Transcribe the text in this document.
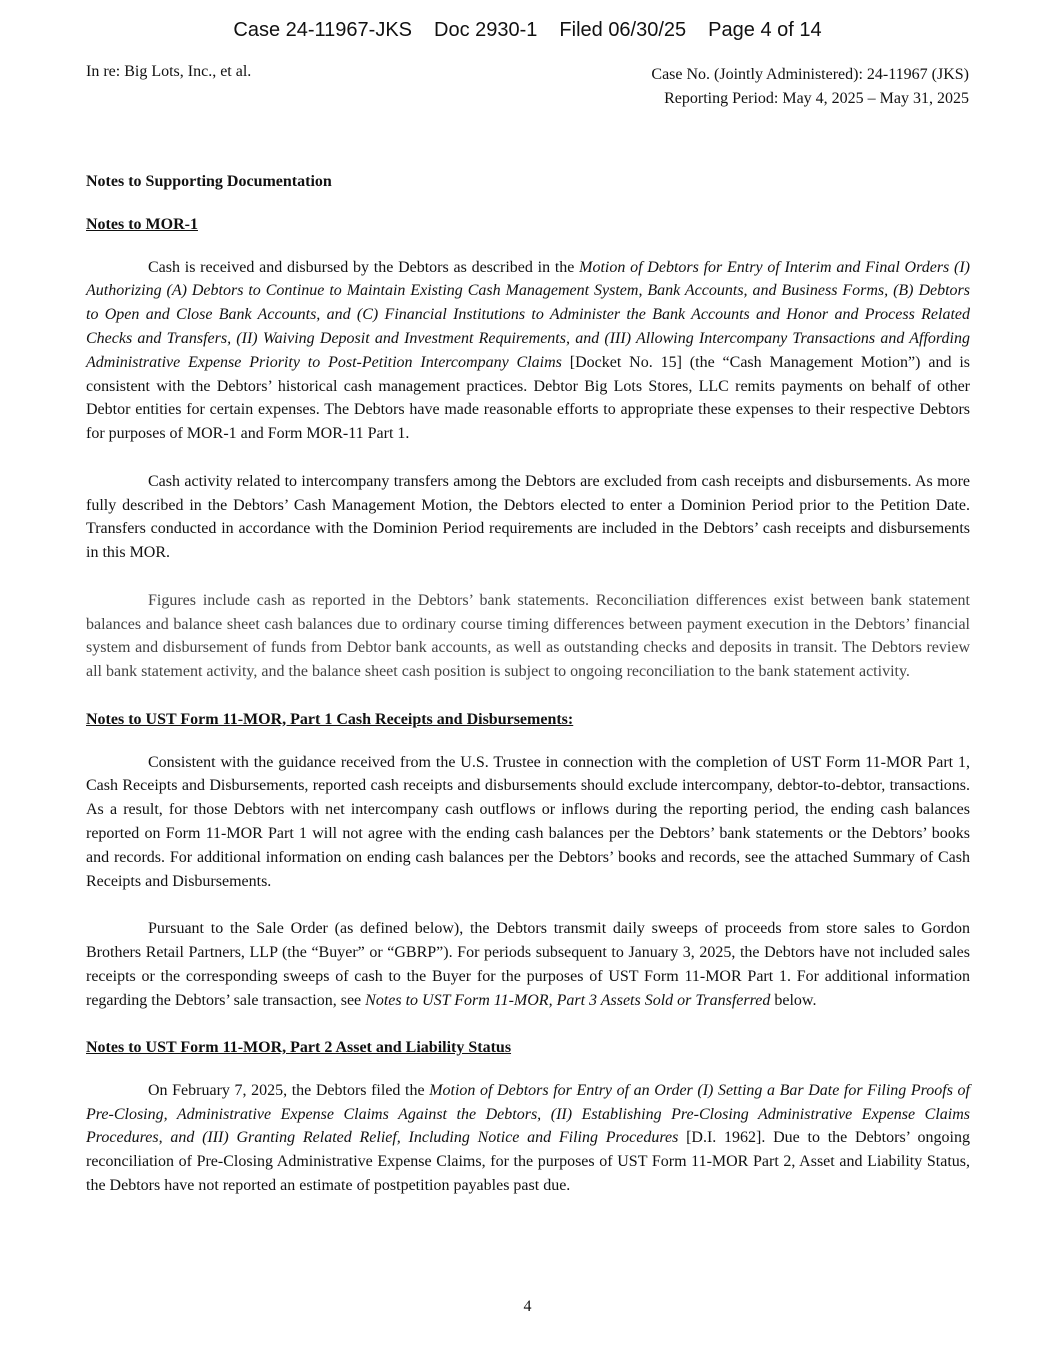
Case 24-11967-JKS Doc 2930-1 Filed 06/30/25 Page 4 of 14
In re: Big Lots, Inc., et al.	Case No. (Jointly Administered): 24-11967 (JKS)
Reporting Period: May 4, 2025 – May 31, 2025
Notes to Supporting Documentation
Notes to MOR-1

Cash is received and disbursed by the Debtors as described in the Motion of Debtors for Entry of Interim and Final Orders (I) Authorizing (A) Debtors to Continue to Maintain Existing Cash Management System, Bank Accounts, and Business Forms, (B) Debtors to Open and Close Bank Accounts, and (C) Financial Institutions to Administer the Bank Accounts and Honor and Process Related Checks and Transfers, (II) Waiving Deposit and Investment Requirements, and (III) Allowing Intercompany Transactions and Affording Administrative Expense Priority to Post-Petition Intercompany Claims [Docket No. 15] (the “Cash Management Motion”) and is consistent with the Debtors’ historical cash management practices. Debtor Big Lots Stores, LLC remits payments on behalf of other Debtor entities for certain expenses. The Debtors have made reasonable efforts to appropriate these expenses to their respective Debtors for purposes of MOR-1 and Form MOR-11 Part 1.

Cash activity related to intercompany transfers among the Debtors are excluded from cash receipts and disbursements. As more fully described in the Debtors’ Cash Management Motion, the Debtors elected to enter a Dominion Period prior to the Petition Date. Transfers conducted in accordance with the Dominion Period requirements are included in the Debtors’ cash receipts and disbursements in this MOR.

Figures include cash as reported in the Debtors’ bank statements. Reconciliation differences exist between bank statement balances and balance sheet cash balances due to ordinary course timing differences between payment execution in the Debtors’ financial system and disbursement of funds from Debtor bank accounts, as well as outstanding checks and deposits in transit. The Debtors review all bank statement activity, and the balance sheet cash position is subject to ongoing reconciliation to the bank statement activity.

Notes to UST Form 11-MOR, Part 1 Cash Receipts and Disbursements:

Consistent with the guidance received from the U.S. Trustee in connection with the completion of UST Form 11-MOR Part 1, Cash Receipts and Disbursements, reported cash receipts and disbursements should exclude intercompany, debtor-to-debtor, transactions. As a result, for those Debtors with net intercompany cash outflows or inflows during the reporting period, the ending cash balances reported on Form 11-MOR Part 1 will not agree with the ending cash balances per the Debtors’ bank statements or the Debtors’ books and records. For additional information on ending cash balances per the Debtors’ books and records, see the attached Summary of Cash Receipts and Disbursements.

Pursuant to the Sale Order (as defined below), the Debtors transmit daily sweeps of proceeds from store sales to Gordon Brothers Retail Partners, LLP (the “Buyer” or “GBRP”). For periods subsequent to January 3, 2025, the Debtors have not included sales receipts or the corresponding sweeps of cash to the Buyer for the purposes of UST Form 11-MOR Part 1. For additional information regarding the Debtors’ sale transaction, see Notes to UST Form 11-MOR, Part 3 Assets Sold or Transferred below.

Notes to UST Form 11-MOR, Part 2 Asset and Liability Status

On February 7, 2025, the Debtors filed the Motion of Debtors for Entry of an Order (I) Setting a Bar Date for Filing Proofs of Pre-Closing, Administrative Expense Claims Against the Debtors, (II) Establishing Pre-Closing Administrative Expense Claims Procedures, and (III) Granting Related Relief, Including Notice and Filing Procedures [D.I. 1962]. Due to the Debtors’ ongoing reconciliation of Pre-Closing Administrative Expense Claims, for the purposes of UST Form 11-MOR Part 2, Asset and Liability Status, the Debtors have not reported an estimate of postpetition payables past due.

4
